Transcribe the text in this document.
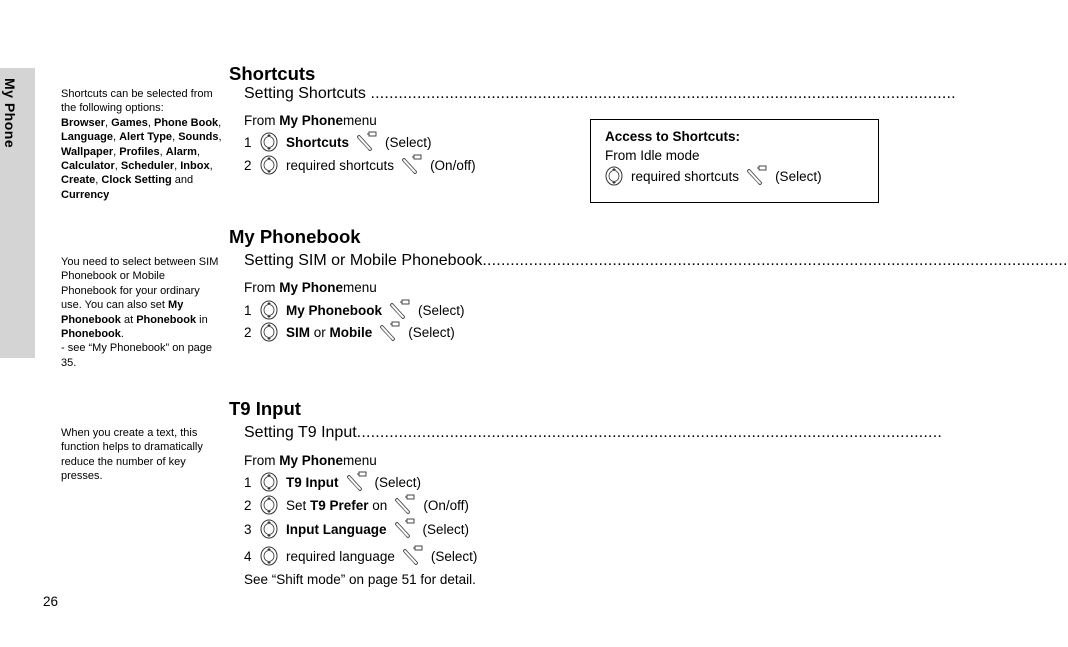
My Phone	Shortcuts can be selected from the following options:
Browser, Games, Phone Book, Language, Alert Type, Sounds, Wallpaper, Profiles, Alarm, Calculator, Scheduler, Inbox, Create, Clock Setting and Currency
You need to select between SIM Phonebook or Mobile Phonebook for your ordinary use. You can also set My Phonebook at Phonebook in Phonebook.
- see “My Phonebook” on page 35.
When you create a text, this function helps to dramatically reduce the number of key presses.
Shortcuts
Setting Shortcuts ..............................................................................................................................
From
My Phone menu
1	Shortcuts	(Select)
2	required shortcuts	(On/off)
Access to Shortcuts:
From Idle mode
required shortcuts	(Select)
My Phonebook
Setting SIM or Mobile Phonebook..............................................................................................................................
From
My Phone menu
1	My Phonebook	(Select)
2	SIM or Mobile	(Select)
T9 Input
Setting T9 Input..............................................................................................................................
From
My Phone menu
1	T9 Input	(Select)
2	Set T9 Prefer on	(On/off)
3	Input Language	(Select)
4	required language	(Select)
See “Shift mode” on page 51 for detail.
26
